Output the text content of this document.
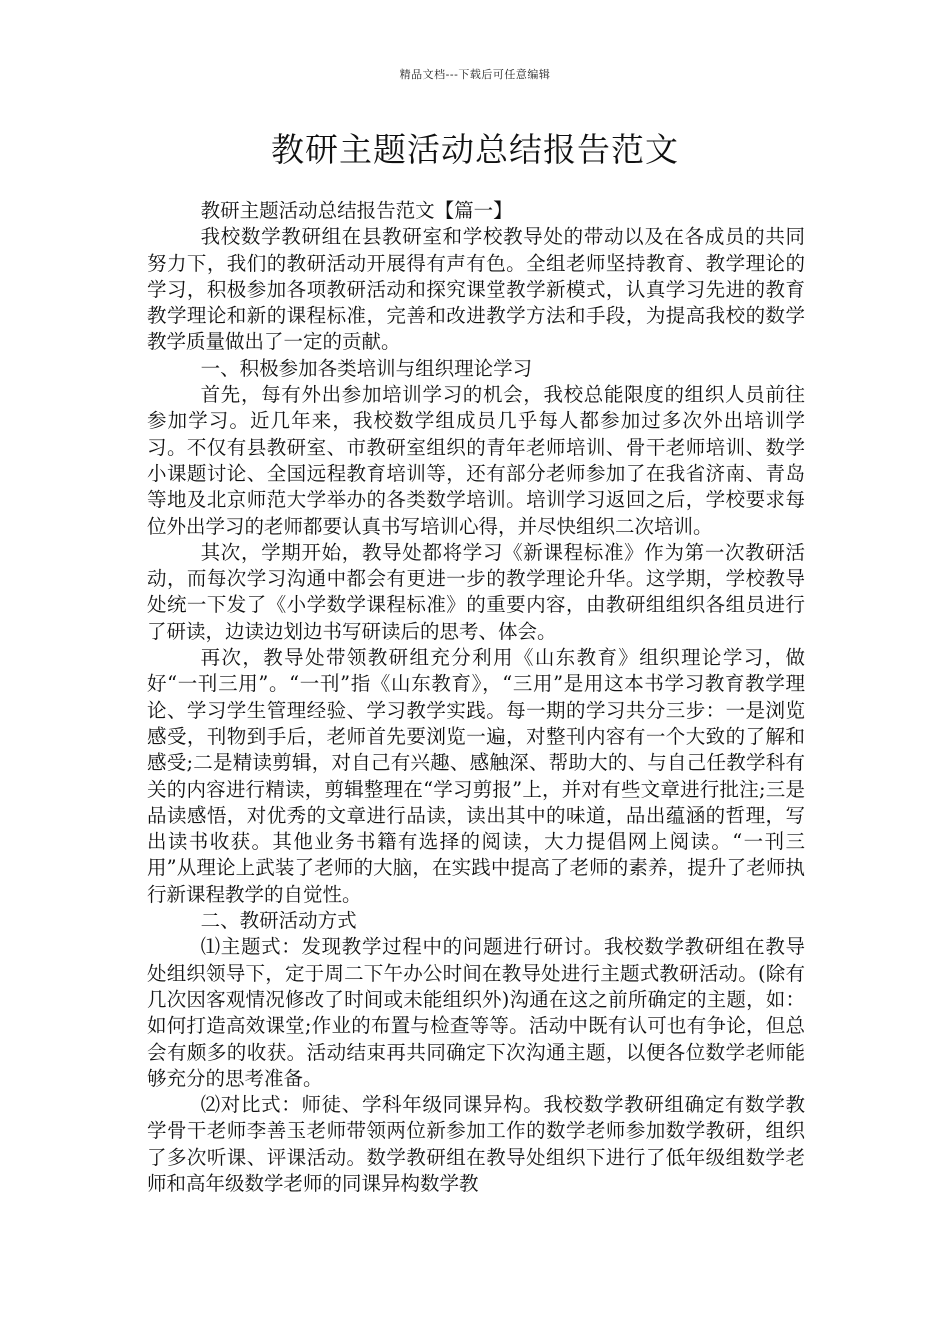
精品文档---下载后可任意编辑
教研主题活动总结报告范文

教研主题活动总结报告范文【篇一】

我校数学教研组在县教研室和学校教导处的带动以及在各成员的共同努力下，我们的教研活动开展得有声有色。全组老师坚持教育、教学理论的学习，积极参加各项教研活动和探究课堂教学新模式，认真学习先进的教育教学理论和新的课程标准，完善和改进教学方法和手段，为提高我校的数学教学质量做出了一定的贡献。

一、积极参加各类培训与组织理论学习

首先，每有外出参加培训学习的机会，我校总能限度的组织人员前往参加学习。近几年来，我校数学组成员几乎每人都参加过多次外出培训学习。不仅有县教研室、市教研室组织的青年老师培训、骨干老师培训、数学小课题讨论、全国远程教育培训等，还有部分老师参加了在我省济南、青岛等地及北京师范大学举办的各类数学培训。培训学习返回之后，学校要求每位外出学习的老师都要认真书写培训心得，并尽快组织二次培训。

其次，学期开始，教导处都将学习《新课程标准》作为第一次教研活动，而每次学习沟通中都会有更进一步的教学理论升华。这学期，学校教导处统一下发了《小学数学课程标准》的重要内容，由教研组组织各组员进行了研读，边读边划边书写研读后的思考、体会。

再次，教导处带领教研组充分利用《山东教育》组织理论学习，做好“一刊三用”。“一刊”指《山东教育》，“三用”是用这本书学习教育教学理论、学习学生管理经验、学习教学实践。每一期的学习共分三步：一是浏览感受，刊物到手后，老师首先要浏览一遍，对整刊内容有一个大致的了解和感受;二是精读剪辑，对自己有兴趣、感触深、帮助大的、与自己任教学科有关的内容进行精读，剪辑整理在“学习剪报”上，并对有些文章进行批注;三是品读感悟，对优秀的文章进行品读，读出其中的味道，品出蕴涵的哲理，写出读书收获。其他业务书籍有选择的阅读，大力提倡网上阅读。“一刊三用”从理论上武装了老师的大脑，在实践中提高了老师的素养，提升了老师执行新课程教学的自觉性。

二、教研活动方式

⑴主题式：发现教学过程中的问题进行研讨。我校数学教研组在教导处组织领导下，定于周二下午办公时间在教导处进行主题式教研活动。(除有几次因客观情况修改了时间或未能组织外)沟通在这之前所确定的主题，如：如何打造高效课堂;作业的布置与检查等等。活动中既有认可也有争论，但总会有颇多的收获。活动结束再共同确定下次沟通主题，以便各位数学老师能够充分的思考准备。

⑵对比式：师徒、学科年级同课异构。我校数学教研组确定有数学教学骨干老师李善玉老师带领两位新参加工作的数学老师参加数学教研，组织了多次听课、评课活动。数学教研组在教导处组织下进行了低年级组数学老师和高年级数学老师的同课异构数学教
